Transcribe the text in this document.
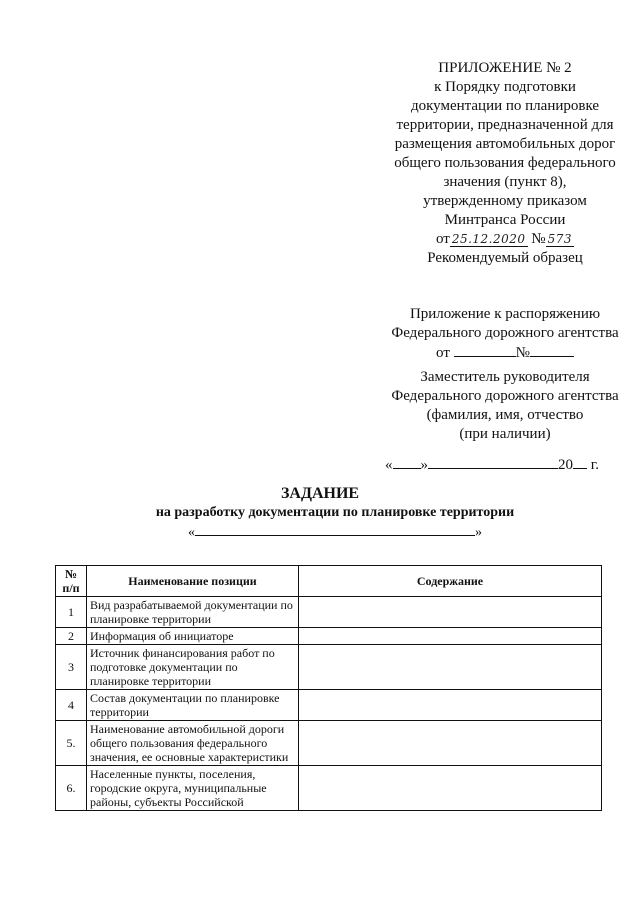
ПРИЛОЖЕНИЕ № 2
к Порядку подготовки
документации по планировке
территории, предназначенной для
размещения автомобильных дорог
общего пользования федерального
значения (пункт 8),
утвержденному приказом
Минтранса России
от 25.12.2020 № 573
Рекомендуемый образец
Приложение к распоряжению
Федерального дорожного агентства
от	№
Заместитель руководителя
Федерального дорожного агентства
(фамилия, имя, отчество
(при наличии)
« »	20 г.
ЗАДАНИЕ
на разработку документации по планировке территории
«	»
№ п/п	Наименование позиции	Содержание
1	Вид разрабатываемой документации по планировке территории	
2	Информация об инициаторе	
3	Источник финансирования работ по подготовке документации по планировке территории	
4	Состав документации по планировке территории	
5.	Наименование автомобильной дороги общего пользования федерального значения, ее основные характеристики	
6.	Населенные пункты, поселения, городские округа, муниципальные районы, субъекты Российской	
